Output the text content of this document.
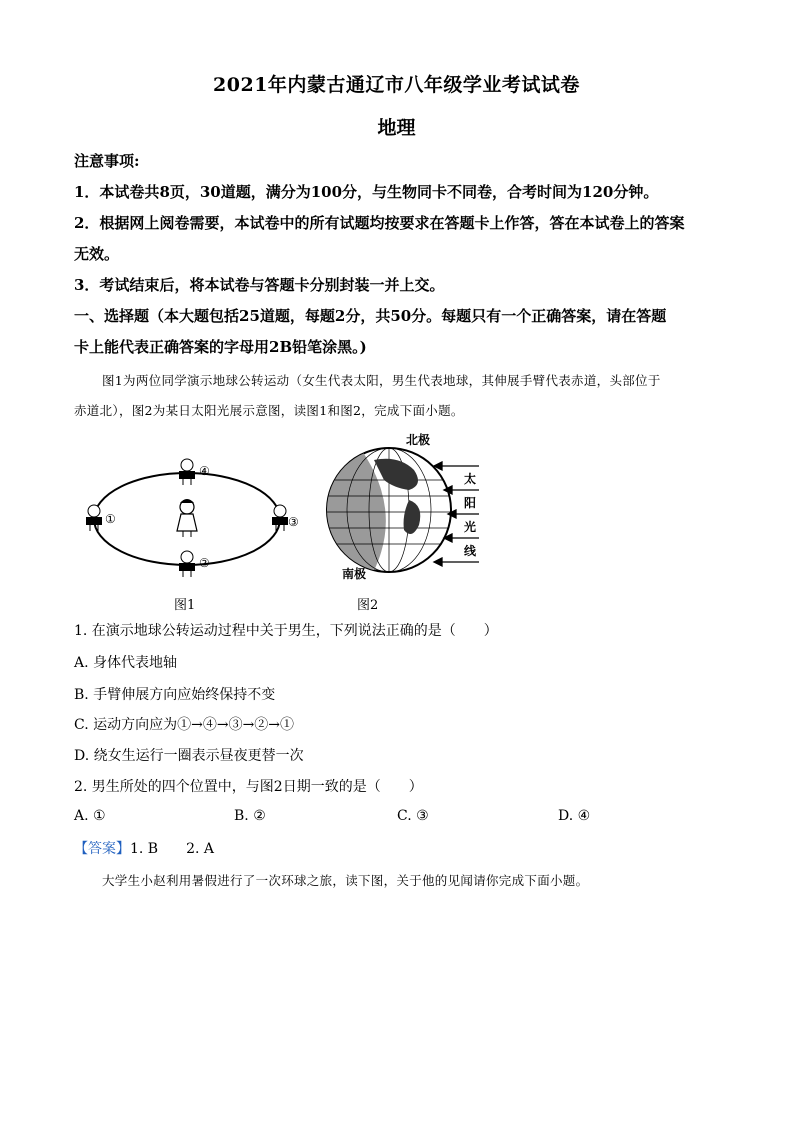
2021年内蒙古通辽市八年级学业考试试卷
地理
注意事项:
1．本试卷共8页，30道题，满分为100分，与生物同卡不同卷，合考时间为120分钟。
2．根据网上阅卷需要，本试卷中的所有试题均按要求在答题卡上作答，答在本试卷上的答案
无效。
3．考试结束后，将本试卷与答题卡分别封装一并上交。
一、选择题（本大题包括25道题，每题2分，共50分。每题只有一个正确答案，请在答题
卡上能代表正确答案的字母用2B铅笔涂黑。)
图1为两位同学演示地球公转运动（女生代表太阳，男生代表地球，其伸展手臂代表赤道，头部位于
赤道北），图2为某日太阳光展示意图，读图1和图2，完成下面小题。
④
②
①	③
图1
北极
南极
太
阳
光
线
图2
1. 在演示地球公转运动过程中关于男生，下列说法正确的是（　　）
A. 身体代表地轴
B. 手臂伸展方向应始终保持不变
C. 运动方向应为①→④→③→②→①
D. 绕女生运行一圈表示昼夜更替一次
2. 男生所处的四个位置中，与图2日期一致的是（　　）
A. ①	B. ②	C. ③	D. ④
【答案】1. B　　2. A
大学生小赵利用暑假进行了一次环球之旅，读下图，关于他的见闻请你完成下面小题。
